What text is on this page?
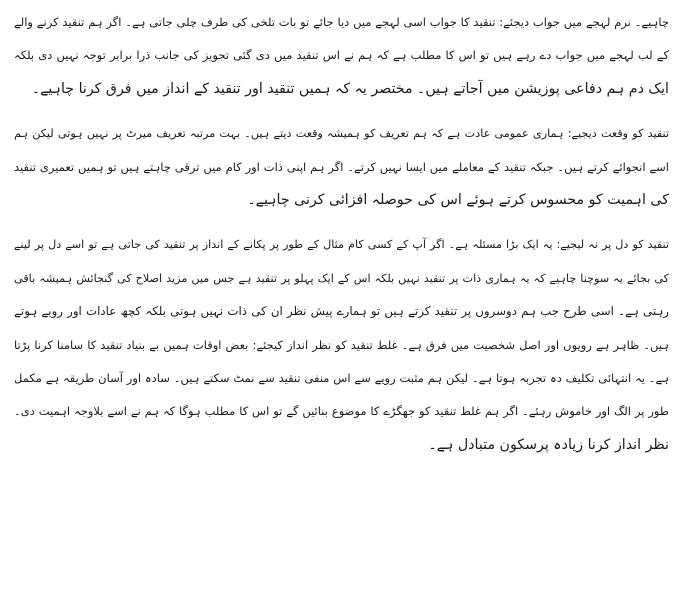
چاہیے۔ نرم لہجے میں جواب دیجئے: تنقید کا جواب اسی لہجے میں دیا جائے تو بات تلخی کی طرف چلی جاتی ہے۔ اگر ہم تنقید کرنے والے
کے لب لہجے میں جواب دے رہے ہیں تو اس کا مطلب ہے کہ ہم نے اس تنقید میں دی گئی تجویز کی جانب ذرا برابر توجہ نہیں دی بلکہ
ایک دم ہم دفاعی پوزیشن میں آجاتے ہیں۔ مختصر یہ کہ ہمیں تنقید اور تنقید کے انداز میں فرق کرنا چاہیے۔
تنقید کو وقعت دیجیے: ہماری عمومی عادت ہے کہ ہم تعریف کو ہمیشہ وقعت دیتے ہیں۔ بہت مرتبہ تعریف میرٹ پر نہیں ہوتی لیکن ہم
اسے انجوائے کرتے ہیں۔ جبکہ تنقید کے معاملے میں ایسا نہیں کرتے۔ اگر ہم اپنی ذات اور کام میں ترقی چاہتے ہیں تو ہمیں تعمیری تنقید
کی اہمیت کو محسوس کرتے ہوئے اس کی حوصلہ افزائی کرنی چاہیے۔
تنقید کو دل پر نہ لیجیے: یہ ایک بڑا مسئلہ ہے۔ اگر آپ کے کسی کام مثال کے طور پر پکانے کے انداز پر تنقید کی جاتی ہے تو اسے دل پر لینے
کی بجائے یہ سوچنا چاہیے کہ یہ ہماری ذات پر تنقید نہیں بلکہ اس کے ایک پہلو پر تنقید ہے جس میں مزید اصلاح کی گنجائش ہمیشہ باقی
رہتی ہے۔ اسی طرح جب ہم دوسروں پر تنقید کرتے ہیں تو ہمارے پیش نظر ان کی ذات نہیں ہوتی بلکہ کچھ عادات اور رویے ہوتے
ہیں۔ ظاہر ہے رویوں اور اصل شخصیت میں فرق ہے۔ غلط تنقید کو نظر انداز کیجئے: بعض اوقات ہمیں بے بنیاد تنقید کا سامنا کرنا پڑتا
ہے۔ یہ انتہائی تکلیف دہ تجربہ ہوتا ہے۔ لیکن ہم مثبت رویے سے اس منفی تنقید سے نمٹ سکتے ہیں۔ سادہ اور آسان طریقہ ہے مکمل
طور پر الگ اور خاموش رہئے۔ اگر ہم غلط تنقید کو جھگڑے کا موضوع بنائیں گے تو اس کا مطلب ہوگا کہ ہم نے اسے بلاوجہ اہمیت دی۔
نظر انداز کرنا زیادہ پرسکون متبادل ہے۔
